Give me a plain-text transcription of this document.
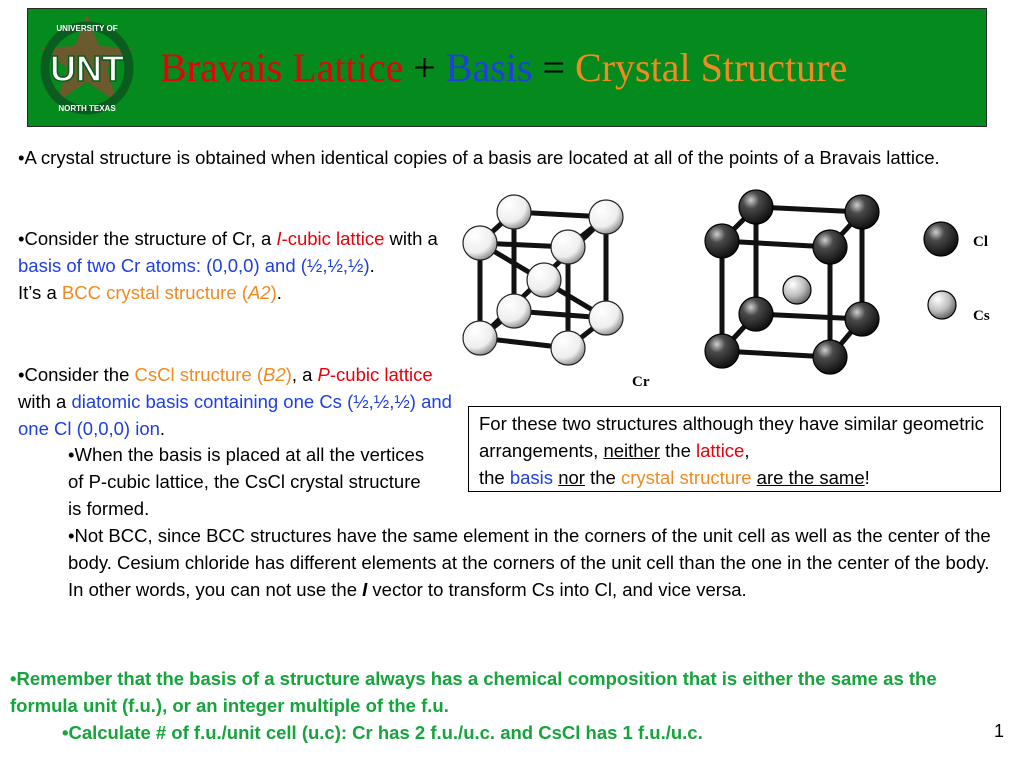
UNIVERSITY OF
NORTH TEXAS
UNT Bravais Lattice + Basis = Crystal Structure
•A crystal structure is obtained when identical copies of a basis are located at all of the points of a Bravais lattice.
•Consider the structure of Cr, a I-cubic lattice with a basis of two Cr atoms: (0,0,0) and (½,½,½).
It’s a BCC crystal structure (A2).
•Consider the CsCl structure (B2), a P-cubic lattice with a diatomic basis containing one Cs (½,½,½) and one Cl (0,0,0) ion.
•When the basis is placed at all the vertices of P-cubic lattice, the CsCl crystal structure is formed.
•Not BCC, since BCC structures have the same element in the corners of the unit cell as well as the center of the body. Cesium chloride has different elements at the corners of the unit cell than the one in the center of the body. In other words, you can not use the I vector to transform Cs into Cl, and vice versa.
For these two structures although they have similar geometric arrangements, neither the lattice,
the basis nor the crystal structure are the same!
Cr
Cl
Cs
•Remember that the basis of a structure always has a chemical composition that is either the same as the formula unit (f.u.), or an integer multiple of the f.u.
•Calculate # of f.u./unit cell (u.c): Cr has 2 f.u./u.c. and CsCl has 1 f.u./u.c.	1
